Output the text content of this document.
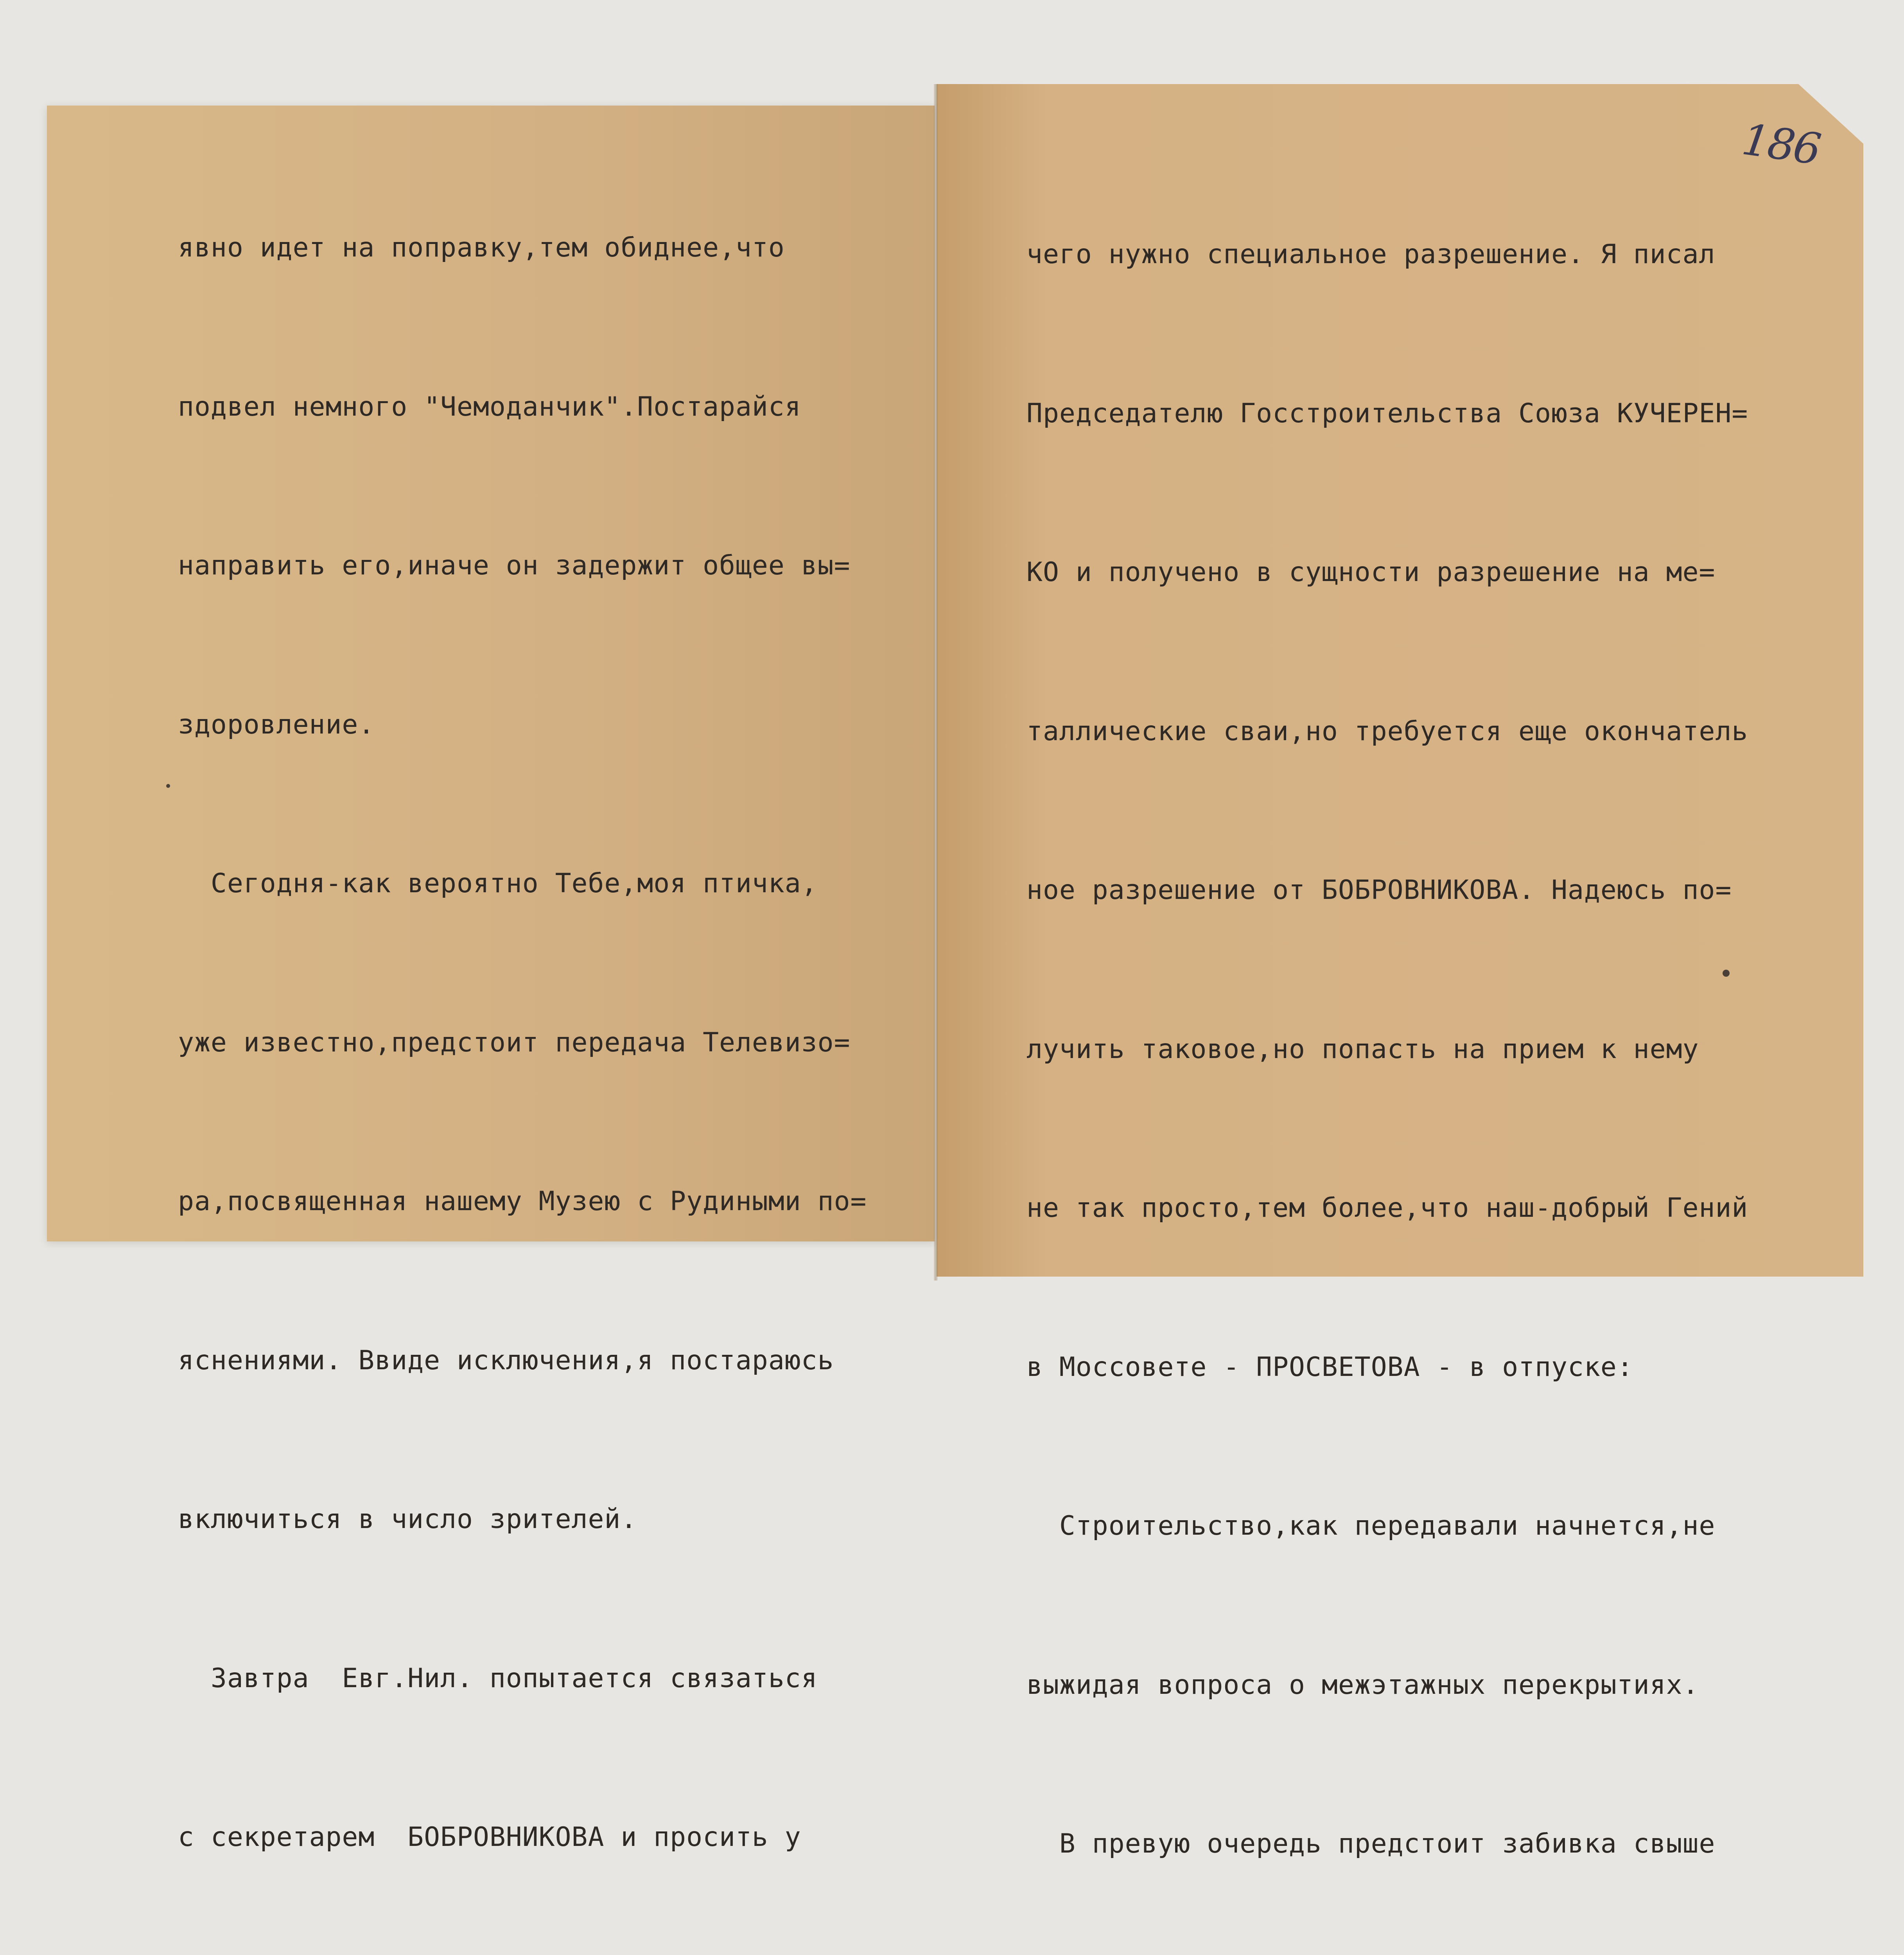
явно идет на поправку,тем обиднее,что

подвел немного "Чемоданчик".Постарайся

направить его,иначе он задержит общее вы=

здоровление.

Сегодня-как вероятно Тебе,моя птичка,

уже известно,предстоит передача Телевизо=

ра,посвященная нашему Музею с Рудиными по=

яснениями. Ввиде исключения,я постараюсь

включиться в число зрителей.

Завтра  Евг.Нил. попытается связаться

с секретарем  БОБРОВНИКОВА и просить у

чего нужно специальное разрешение. Я писал

Председателю Госстроительства Союза КУЧЕРЕН=

КО и получено в сущности разрешение на ме=

таллические сваи,но требуется еще окончатель

ное разрешение от БОБРОВНИКОВА. Надеюсь по=

лучить таковое,но попасть на прием к нему

не так просто,тем более,что наш-добрый Гений

в Моссовете - ПРОСВЕТОВА - в отпуске:

Строительство,как передавали начнется,не

выжидая вопроса о межэтажных перекрытиях.

В превую очередь предстоит забивка свыше

186
